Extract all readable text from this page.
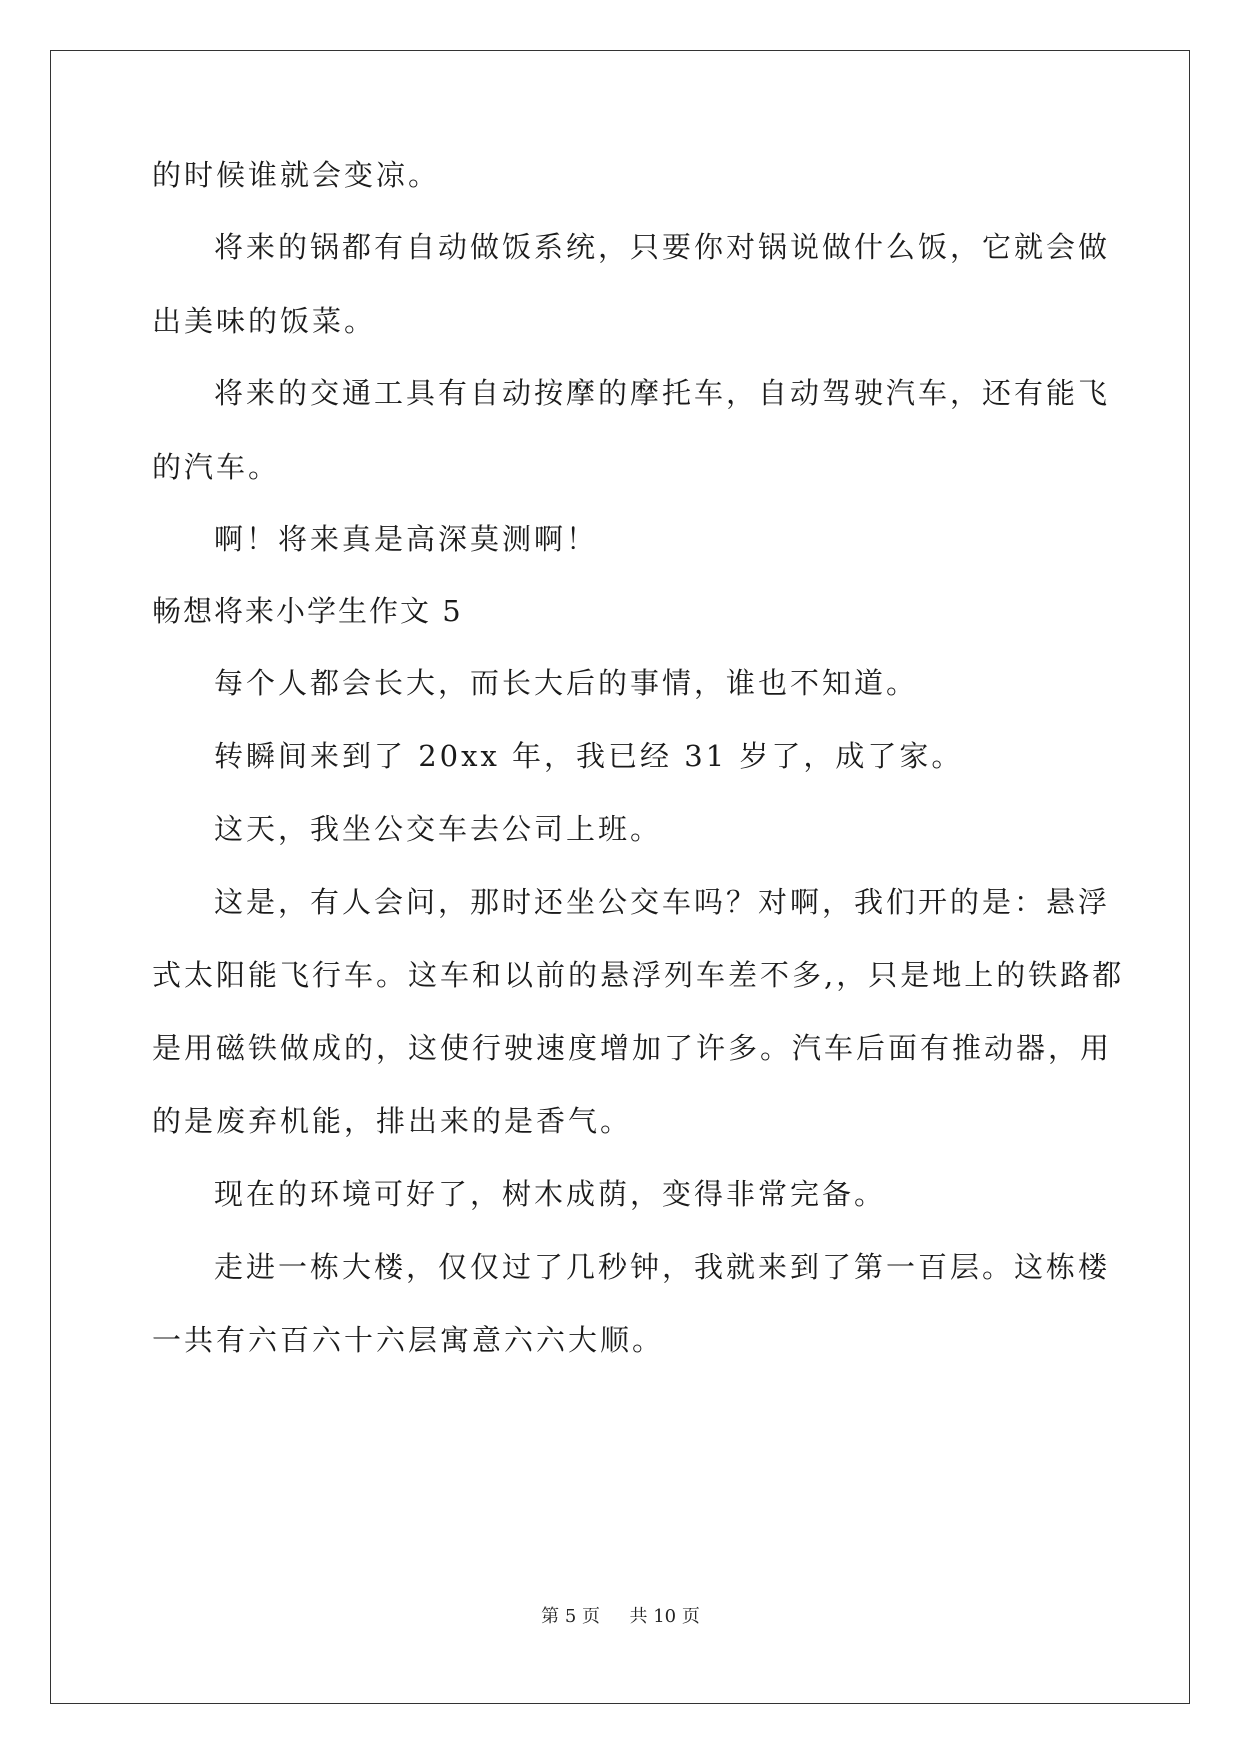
的时候谁就会变凉。
将来的锅都有自动做饭系统，只要你对锅说做什么饭，它就会做
出美味的饭菜。
将来的交通工具有自动按摩的摩托车，自动驾驶汽车，还有能飞
的汽车。
啊！将来真是高深莫测啊！
畅想将来小学生作文 5
每个人都会长大，而长大后的事情，谁也不知道。
转瞬间来到了 20xx 年，我已经 31 岁了，成了家。
这天，我坐公交车去公司上班。
这是，有人会问，那时还坐公交车吗？对啊，我们开的是：悬浮
式太阳能飞行车。这车和以前的悬浮列车差不多,，只是地上的铁路都
是用磁铁做成的，这使行驶速度增加了许多。汽车后面有推动器，用
的是废弃机能，排出来的是香气。
现在的环境可好了，树木成荫，变得非常完备。
走进一栋大楼，仅仅过了几秒钟，我就来到了第一百层。这栋楼
一共有六百六十六层寓意六六大顺。
第 5 页 共 10 页
